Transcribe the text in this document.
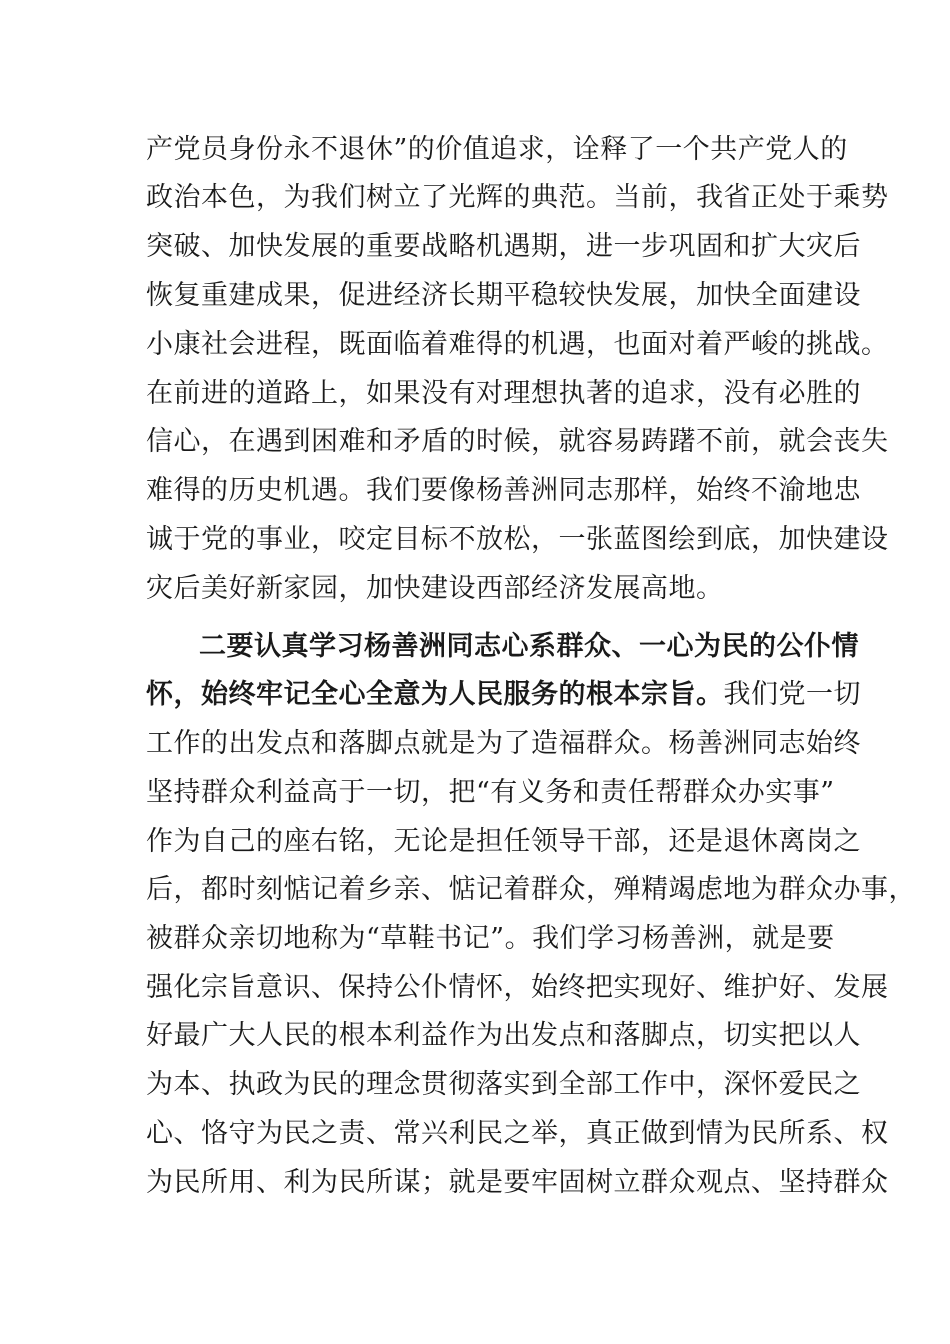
产党员身份永不退休”的价值追求，诠释了一个共产党人的
政治本色，为我们树立了光辉的典范。当前，我省正处于乘势
突破、加快发展的重要战略机遇期，进一步巩固和扩大灾后
恢复重建成果，促进经济长期平稳较快发展，加快全面建设
小康社会进程，既面临着难得的机遇，也面对着严峻的挑战。
在前进的道路上，如果没有对理想执著的追求，没有必胜的
信心，在遇到困难和矛盾的时候，就容易踌躇不前，就会丧失
难得的历史机遇。我们要像杨善洲同志那样，始终不渝地忠
诚于党的事业，咬定目标不放松，一张蓝图绘到底，加快建设
灾后美好新家园，加快建设西部经济发展高地。
二要认真学习杨善洲同志心系群众、一心为民的公仆情
怀，始终牢记全心全意为人民服务的根本宗旨。我们党一切
工作的出发点和落脚点就是为了造福群众。杨善洲同志始终
坚持群众利益高于一切，把“有义务和责任帮群众办实事”
作为自己的座右铭，无论是担任领导干部，还是退休离岗之
后，都时刻惦记着乡亲、惦记着群众，殚精竭虑地为群众办事，
被群众亲切地称为“草鞋书记”。我们学习杨善洲，就是要
强化宗旨意识、保持公仆情怀，始终把实现好、维护好、发展
好最广大人民的根本利益作为出发点和落脚点，切实把以人
为本、执政为民的理念贯彻落实到全部工作中，深怀爱民之
心、恪守为民之责、常兴利民之举，真正做到情为民所系、权
为民所用、利为民所谋；就是要牢固树立群众观点、坚持群众
